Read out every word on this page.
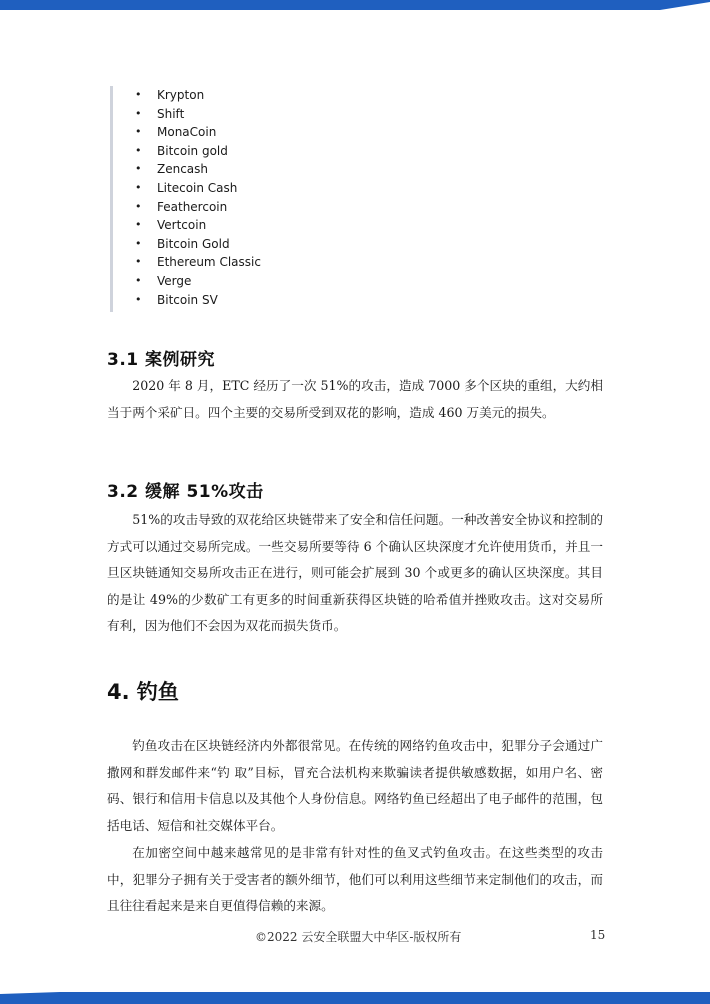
• Krypton
• Shift
• MonaCoin
• Bitcoin gold
• Zencash
• Litecoin Cash
• Feathercoin
• Vertcoin
• Bitcoin Gold
• Ethereum Classic
• Verge
• Bitcoin SV
3.1 案例研究
2020 年 8 月，ETC 经历了一次 51%的攻击，造成 7000 多个区块的重组，大约相当于两个采矿日。四个主要的交易所受到双花的影响，造成 460 万美元的损失。
3.2 缓解 51%攻击
51%的攻击导致的双花给区块链带来了安全和信任问题。一种改善安全协议和控制的方式可以通过交易所完成。一些交易所要等待 6 个确认区块深度才允许使用货币，并且一旦区块链通知交易所攻击正在进行，则可能会扩展到 30 个或更多的确认区块深度。其目的是让 49%的少数矿工有更多的时间重新获得区块链的哈希值并挫败攻击。这对交易所有利，因为他们不会因为双花而损失货币。
4. 钓鱼
钓鱼攻击在区块链经济内外都很常见。在传统的网络钓鱼攻击中，犯罪分子会通过广撒网和群发邮件来“钓 取”目标，冒充合法机构来欺骗读者提供敏感数据，如用户名、密码、银行和信用卡信息以及其他个人身份信息。网络钓鱼已经超出了电子邮件的范围，包括电话、短信和社交媒体平台。
在加密空间中越来越常见的是非常有针对性的鱼叉式钓鱼攻击。在这些类型的攻击中，犯罪分子拥有关于受害者的额外细节，他们可以利用这些细节来定制他们的攻击，而且往往看起来是来自更值得信赖的来源。
©2022 云安全联盟大中华区-版权所有	15
